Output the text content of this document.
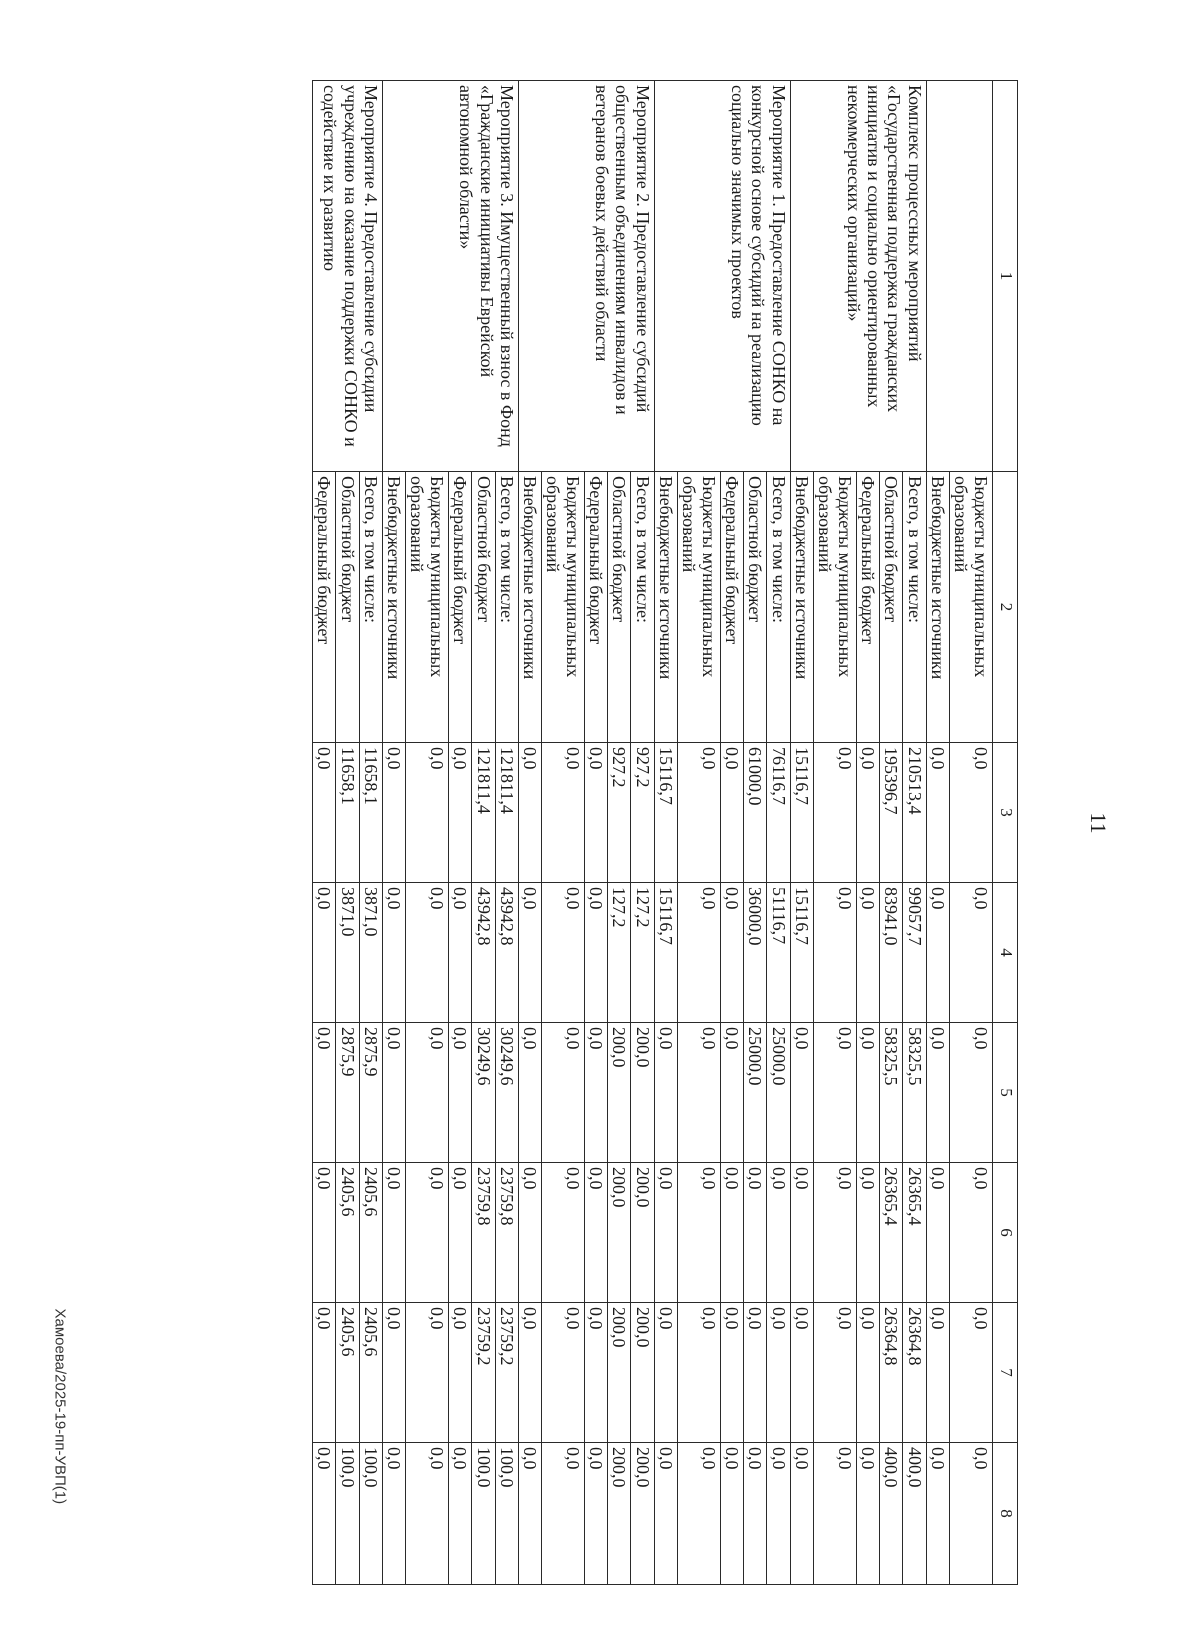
11
Хамоева/2025-19-пп-УВП(1)
1	2	3	4	5	6	7	8
	Бюджеты муниципальных образований	0,0	0,0	0,0	0,0	0,0	0,0
	Внебюджетные источники	0,0	0,0	0,0	0,0	0,0	0,0
Комплекс процессных мероприятий «Государственная поддержка гражданских инициатив и социально ориентированных некоммерческих организаций»	Всего, в том числе:	210513,4	99057,7	58325,5	26365,4	26364,8	400,0
	Областной бюджет	195396,7	83941,0	58325,5	26365,4	26364,8	400,0
	Федеральный бюджет	0,0	0,0	0,0	0,0	0,0	0,0
	Бюджеты муниципальных образований	0,0	0,0	0,0	0,0	0,0	0,0
	Внебюджетные источники	15116,7	15116,7	0,0	0,0	0,0	0,0
Мероприятие 1. Предоставление СОНКО на конкурсной основе субсидий на реализацию социально значимых проектов	Всего, в том числе:	76116,7	51116,7	25000,0	0,0	0,0	0,0
	Областной бюджет	61000,0	36000,0	25000,0	0,0	0,0	0,0
	Федеральный бюджет	0,0	0,0	0,0	0,0	0,0	0,0
	Бюджеты муниципальных образований	0,0	0,0	0,0	0,0	0,0	0,0
	Внебюджетные источники	15116,7	15116,7	0,0	0,0	0,0	0,0
Мероприятие 2. Предоставление субсидий общественным объединениям инвалидов и ветеранов боевых действий области	Всего, в том числе:	927,2	127,2	200,0	200,0	200,0	200,0
	Областной бюджет	927,2	127,2	200,0	200,0	200,0	200,0
	Федеральный бюджет	0,0	0,0	0,0	0,0	0,0	0,0
	Бюджеты муниципальных образований	0,0	0,0	0,0	0,0	0,0	0,0
	Внебюджетные источники	0,0	0,0	0,0	0,0	0,0	0,0
Мероприятие 3. Имущественный взнос в Фонд «Гражданские инициативы Еврейской автономной области»	Всего, в том числе:	121811,4	43942,8	30249,6	23759,8	23759,2	100,0
	Областной бюджет	121811,4	43942,8	30249,6	23759,8	23759,2	100,0
	Федеральный бюджет	0,0	0,0	0,0	0,0	0,0	0,0
	Бюджеты муниципальных образований	0,0	0,0	0,0	0,0	0,0	0,0
	Внебюджетные источники	0,0	0,0	0,0	0,0	0,0	0,0
Мероприятие 4. Предоставление субсидии учреждению на оказание поддержки СОНКО и содействие их развитию	Всего, в том числе:	11658,1	3871,0	2875,9	2405,6	2405,6	100,0
	Областной бюджет	11658,1	3871,0	2875,9	2405,6	2405,6	100,0
	Федеральный бюджет	0,0	0,0	0,0	0,0	0,0	0,0
